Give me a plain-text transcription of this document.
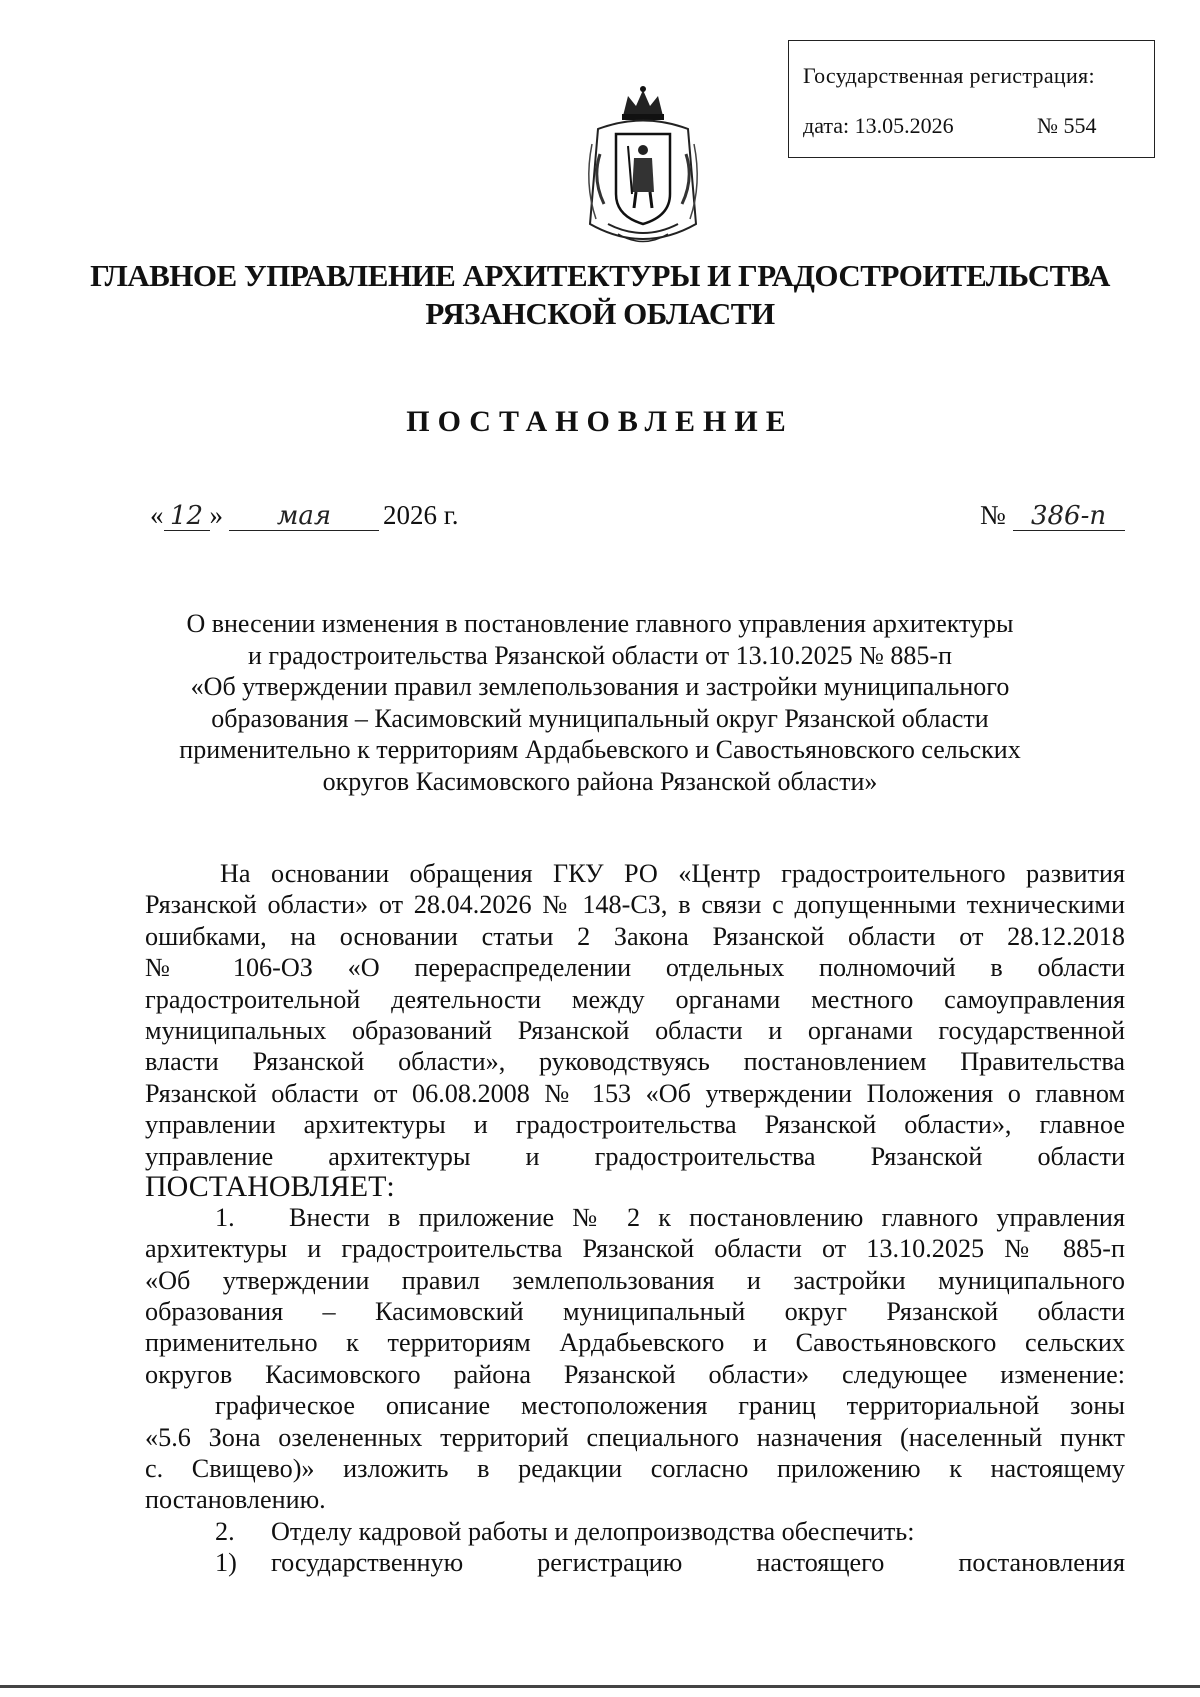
Государственная регистрация:
дата: 13.05.2026	№ 554
ГЛАВНОЕ УПРАВЛЕНИЕ АРХИТЕКТУРЫ И ГРАДОСТРОИТЕЛЬСТВА
РЯЗАНСКОЙ ОБЛАСТИ
ПОСТАНОВЛЕНИЕ
« 12 » мая 2026 г.	№ 386-п
О внесении изменения в постановление главного управления архитектуры
и градостроительства Рязанской области от 13.10.2025 № 885-п
«Об утверждении правил землепользования и застройки муниципального
образования – Касимовский муниципальный округ Рязанской области
применительно к территориям Ардабьевского и Савостьяновского сельских
округов Касимовского района Рязанской области»
На основании обращения ГКУ РО «Центр градостроительного развития
Рязанской области» от 28.04.2026 № 148-СЗ, в связи с допущенными техническими
ошибками, на основании статьи 2 Закона Рязанской области от 28.12.2018
№ 106-ОЗ «О перераспределении отдельных полномочий в области
градостроительной деятельности между органами местного самоуправления
муниципальных образований Рязанской области и органами государственной
власти Рязанской области», руководствуясь постановлением Правительства
Рязанской области от 06.08.2008 № 153 «Об утверждении Положения о главном
управлении архитектуры и градостроительства Рязанской области», главное
управление архитектуры и градостроительства Рязанской области
ПОСТАНОВЛЯЕТ:
1. Внести в приложение № 2 к постановлению главного управления
архитектуры и градостроительства Рязанской области от 13.10.2025 № 885-п
«Об утверждении правил землепользования и застройки муниципального
образования – Касимовский муниципальный округ Рязанской области
применительно к территориям Ардабьевского и Савостьяновского сельских
округов Касимовского района Рязанской области» следующее изменение:
графическое описание местоположения границ территориальной зоны
«5.6 Зона озелененных территорий специального назначения (населенный пункт
с. Свищево)» изложить в редакции согласно приложению к настоящему
постановлению.
2. Отделу кадровой работы и делопроизводства обеспечить:
1) государственную регистрацию настоящего постановления
